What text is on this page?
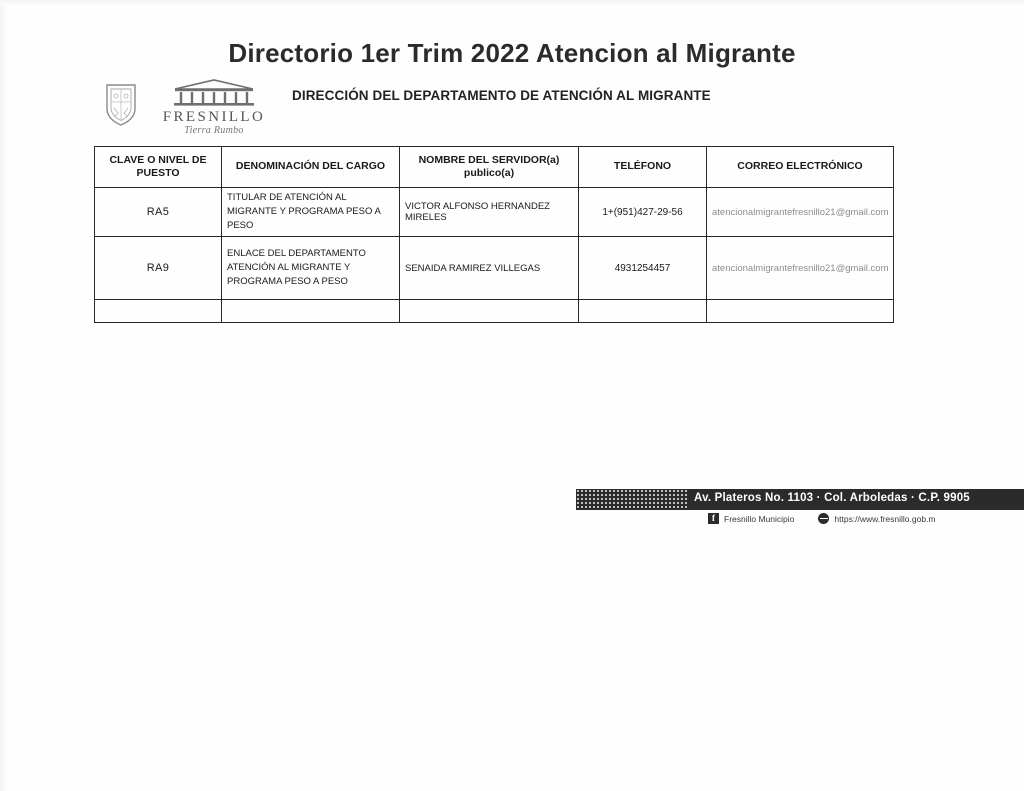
Directorio 1er Trim 2022 Atencion al Migrante
FRESNILLO
Tierra Rumbo
DIRECCIÓN DEL DEPARTAMENTO DE ATENCIÓN AL MIGRANTE
CLAVE O NIVEL DE PUESTO	DENOMINACIÓN DEL CARGO	NOMBRE DEL SERVIDOR(a) publico(a)	TELÉFONO	CORREO ELECTRÓNICO
RA5	TITULAR DE ATENCIÓN AL MIGRANTE Y PROGRAMA PESO A PESO	VICTOR ALFONSO HERNANDEZ MIRELES	1+(951)427-29-56	atencionalmigrantefresnillo21@gmail.com
RA9	ENLACE DEL DEPARTAMENTO ATENCIÓN AL MIGRANTE Y PROGRAMA PESO A PESO	SENAIDA RAMIREZ VILLEGAS	4931254457	atencionalmigrantefresnillo21@gmail.com

Av. Plateros No. 1103 · Col. Arboledas · C.P. 9905
f	Fresnillo Municipio	https://www.fresnillo.gob.m
